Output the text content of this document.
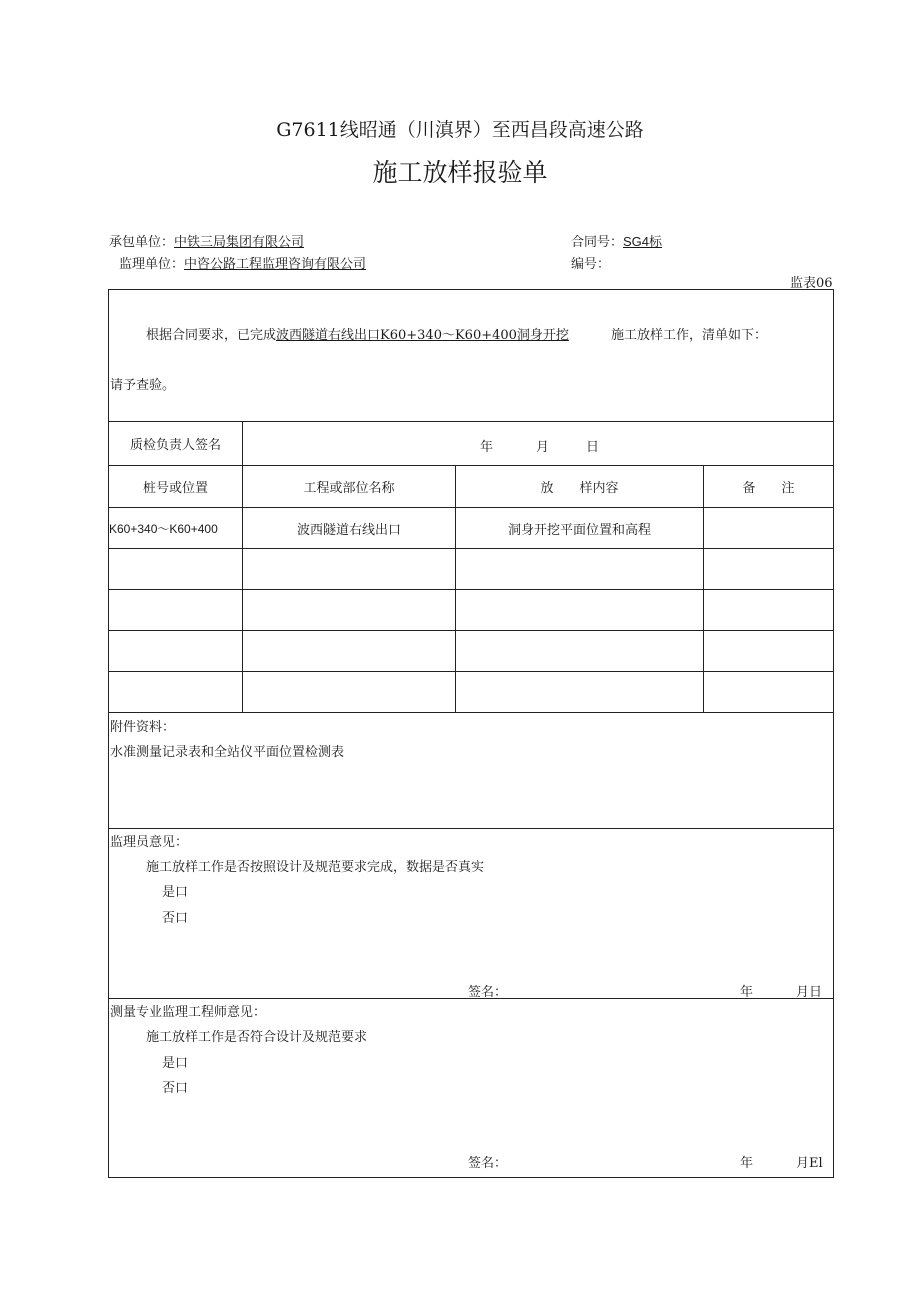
G7611线昭通（川滇界）至西昌段高速公路
施工放样报验单
承包单位：中铁三局集团有限公司
监理单位：中咨公路工程监理咨询有限公司
合同号：SG4标
编号：
监表06
根据合同要求，已完成波西隧道右线出口K60+340～K60+400洞身开挖	施工放样工作，清单如下：
请予查验。
质检负责人签名	年	月	日
桩号或位置	工程或部位名称	放　　样内容	备　　注
K60+340～K60+400	波西隧道右线出口	洞身开挖平面位置和高程
附件资料：
水准测量记录表和全站仪平面位置检测表
监理员意见：
施工放样工作是否按照设计及规范要求完成，数据是否真实
是口
否口
签名：	年	月日
测量专业监理工程师意见：
施工放样工作是否符合设计及规范要求
是口
否口
签名：	年	月El
